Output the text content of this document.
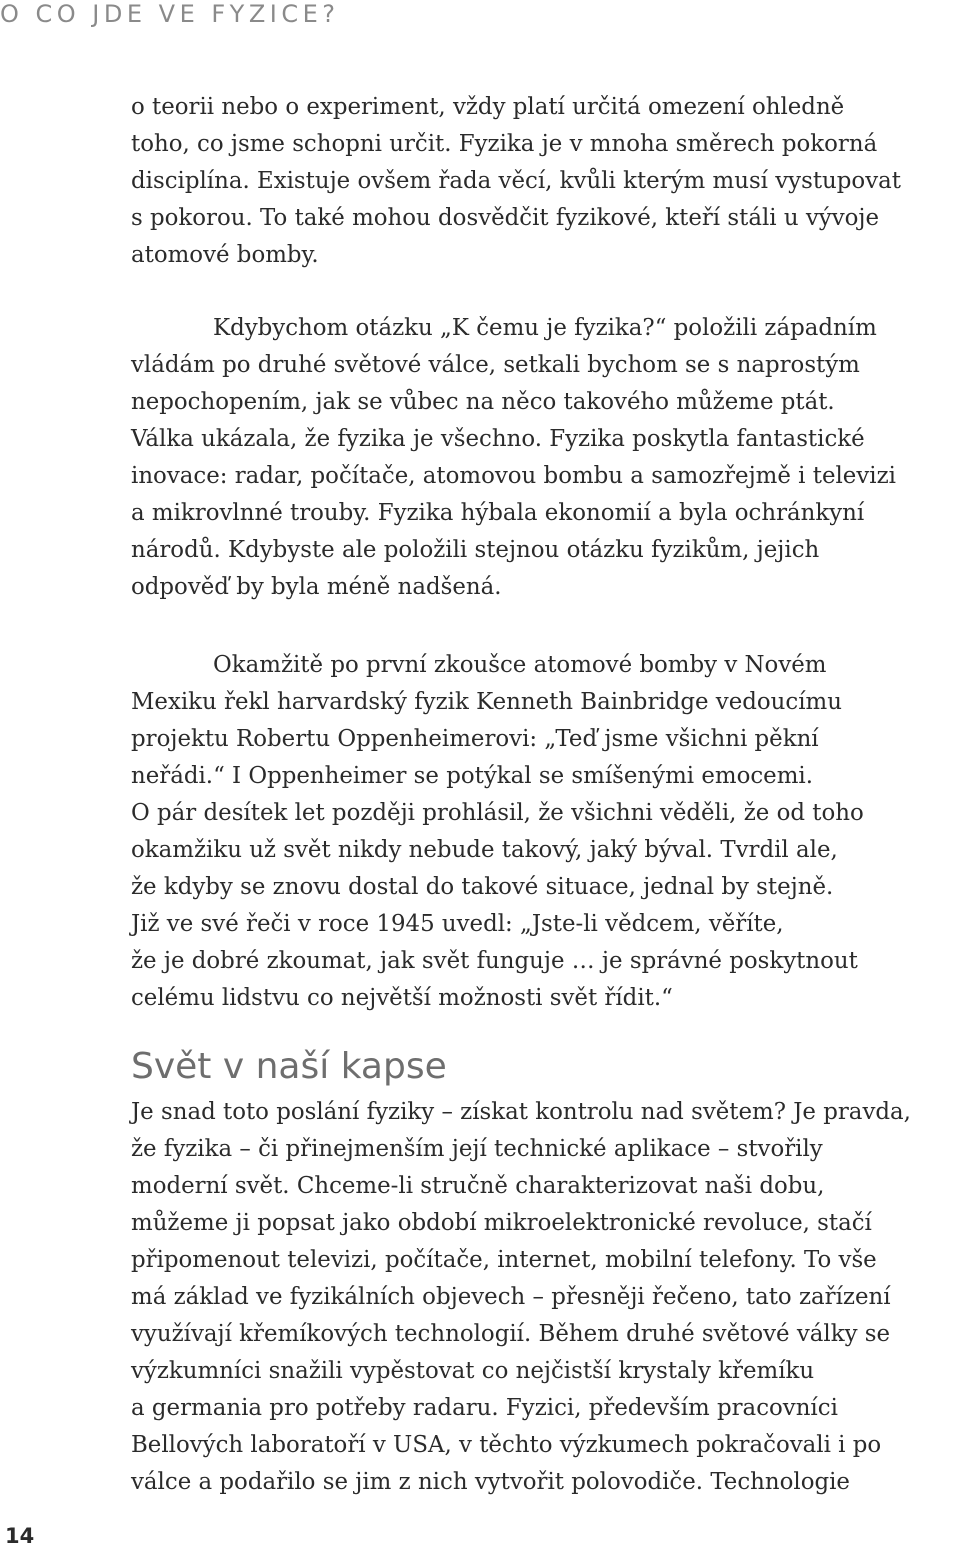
O CO JDE VE FYZICE?
o teorii nebo o experiment, vždy platí určitá omezení ohledně
toho, co jsme schopni určit. Fyzika je v mnoha směrech pokorná
disciplína. Existuje ovšem řada věcí, kvůli kterým musí vystupovat
s pokorou. To také mohou dosvědčit fyzikové, kteří stáli u vývoje
atomové bomby.
Kdybychom otázku „K čemu je fyzika?“ položili západním
vládám po druhé světové válce, setkali bychom se s naprostým
nepochopením, jak se vůbec na něco takového můžeme ptát.
Válka ukázala, že fyzika je všechno. Fyzika poskytla fantastické
inovace: radar, počítače, atomovou bombu a samozřejmě i televizi
a mikrovlnné trouby. Fyzika hýbala ekonomií a byla ochránkyní
národů. Kdybyste ale položili stejnou otázku fyzikům, jejich
odpověď by byla méně nadšená.
Okamžitě po první zkoušce atomové bomby v Novém
Mexiku řekl harvardský fyzik Kenneth Bainbridge vedoucímu
projektu Robertu Oppenheimerovi: „Teď jsme všichni pěkní
neřádi.“ I Oppenheimer se potýkal se smíšenými emocemi.
O pár desítek let později prohlásil, že všichni věděli, že od toho
okamžiku už svět nikdy nebude takový, jaký býval. Tvrdil ale,
že kdyby se znovu dostal do takové situace, jednal by stejně.
Již ve své řeči v roce 1945 uvedl: „Jste-li vědcem, věříte,
že je dobré zkoumat, jak svět funguje … je správné poskytnout
celému lidstvu co největší možnosti svět řídit.“
Svět v naší kapse
Je snad toto poslání fyziky – získat kontrolu nad světem? Je pravda,
že fyzika – či přinejmenším její technické aplikace – stvořily
moderní svět. Chceme-li stručně charakterizovat naši dobu,
můžeme ji popsat jako období mikroelektronické revoluce, stačí
připomenout televizi, počítače, internet, mobilní telefony. To vše
má základ ve fyzikálních objevech – přesněji řečeno, tato zařízení
využívají křemíkových technologií. Během druhé světové války se
výzkumníci snažili vypěstovat co nejčistší krystaly křemíku
a germania pro potřeby radaru. Fyzici, především pracovníci
Bellových laboratoří v USA, v těchto výzkumech pokračovali i po
válce a podařilo se jim z nich vytvořit polovodiče. Technologie
14
